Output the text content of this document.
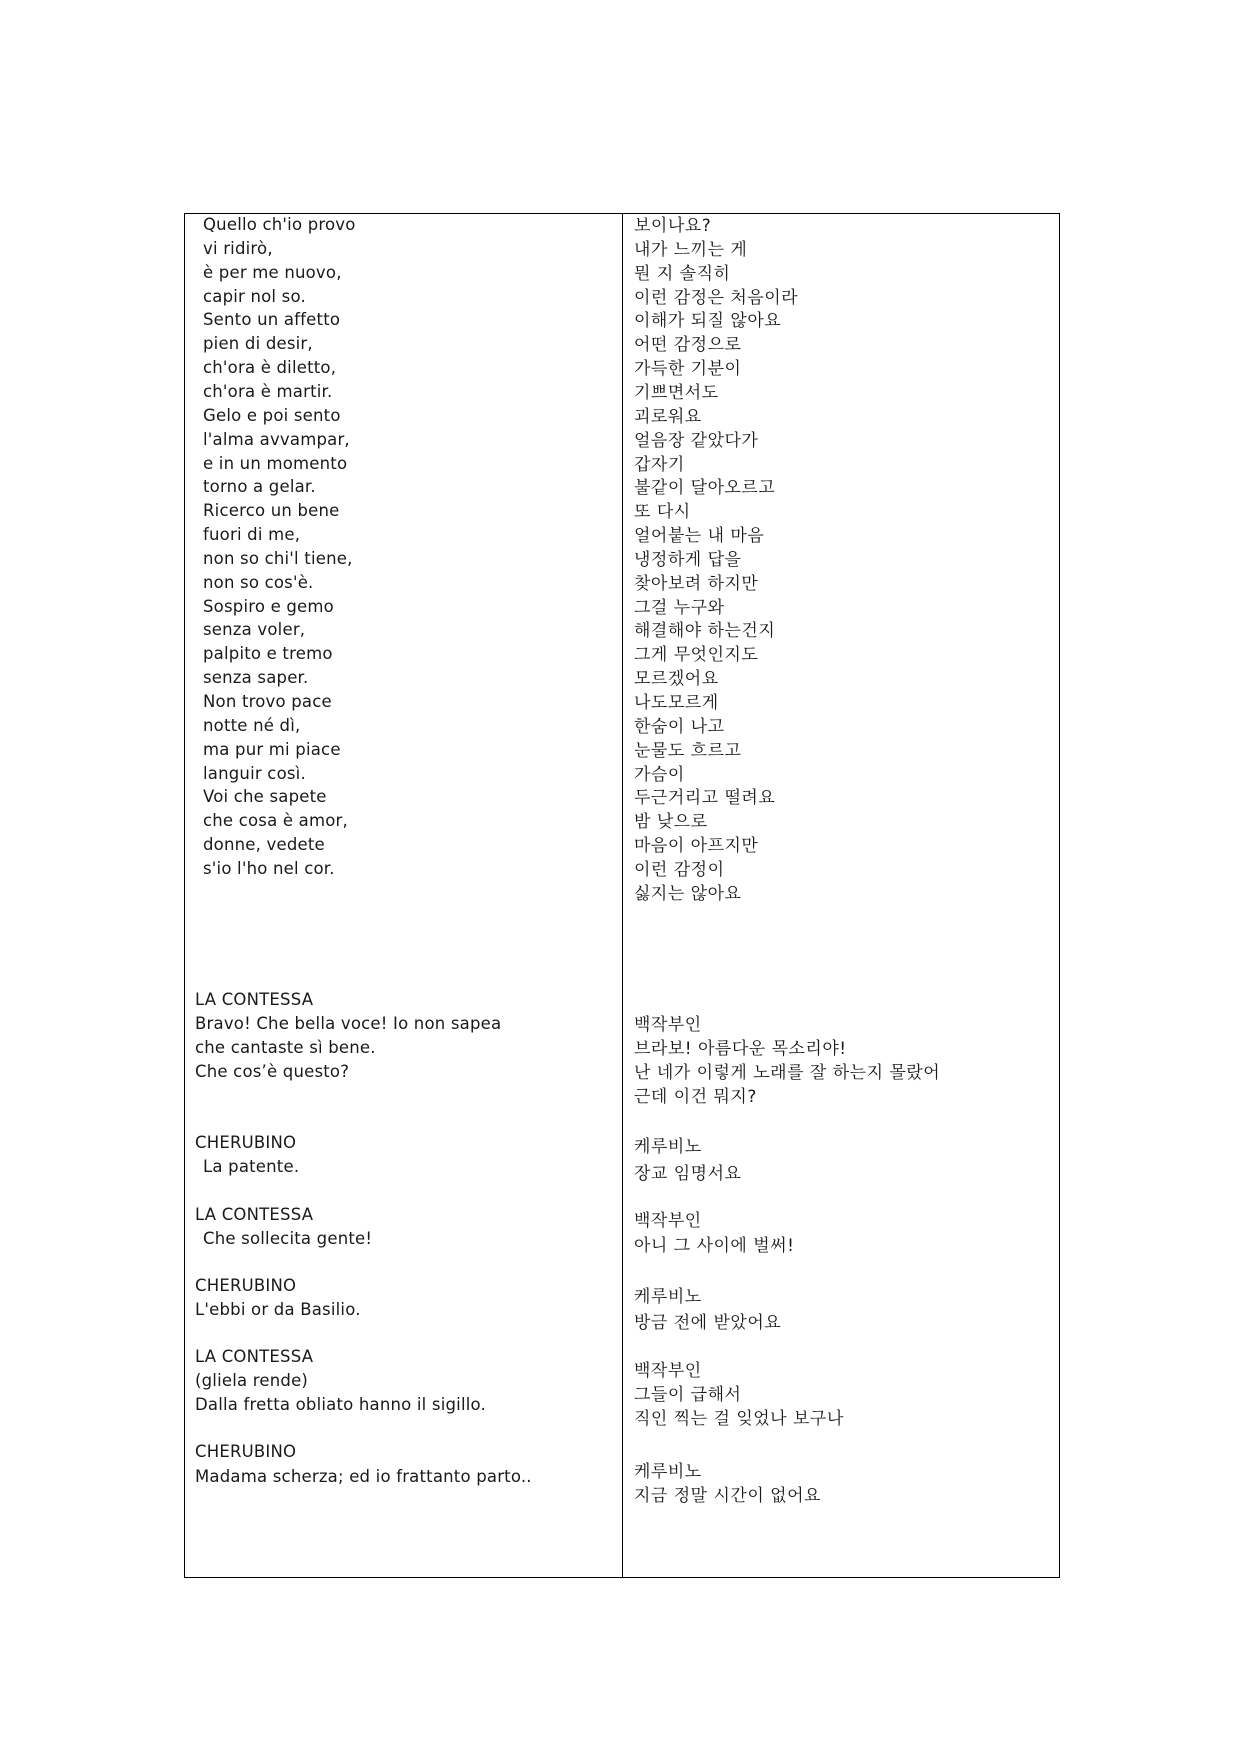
Quello ch'io provo
vi ridirò,
è per me nuovo,
capir nol so.
Sento un affetto
pien di desir,
ch'ora è diletto,
ch'ora è martir.
Gelo e poi sento
l'alma avvampar,
e in un momento
torno a gelar.
Ricerco un bene
fuori di me,
non so chi'l tiene,
non so cos'è.
Sospiro e gemo
senza voler,
palpito e tremo
senza saper.
Non trovo pace
notte né dì,
ma pur mi piace
languir così.
Voi che sapete
che cosa è amor,
donne, vedete
s'io l'ho nel cor.
LA CONTESSA
Bravo! Che bella voce! Io non sapea
che cantaste sì bene.
Che cos’è questo?
CHERUBINO
La patente.
LA CONTESSA
Che sollecita gente!
CHERUBINO
L'ebbi or da Basilio.
LA CONTESSA
(gliela rende)
Dalla fretta obliato hanno il sigillo.
CHERUBINO
Madama scherza; ed io frattanto parto..
보이나요?
내가 느끼는 게
뭔 지 솔직히
이런 감정은 처음이라
이해가 되질 않아요
어떤 감정으로
가득한 기분이
기쁘면서도
괴로워요
얼음장 같았다가
갑자기
불같이 달아오르고
또 다시
얼어붙는 내 마음
냉정하게 답을
찾아보려 하지만
그걸 누구와
해결해야 하는건지
그게 무엇인지도
모르겠어요
나도모르게
한숨이 나고
눈물도 흐르고
가슴이
두근거리고 떨려요
밤 낮으로
마음이 아프지만
이런 감정이
싫지는 않아요
백작부인
브라보! 아름다운 목소리야!
난 네가 이렇게 노래를 잘 하는지 몰랐어
근데 이건 뭐지?
케루비노
장교 임명서요
백작부인
아니 그 사이에 벌써!
케루비노
방금 전에 받았어요
백작부인
그들이 급해서
직인 찍는 걸 잊었나 보구나
케루비노
지금 정말 시간이 없어요
